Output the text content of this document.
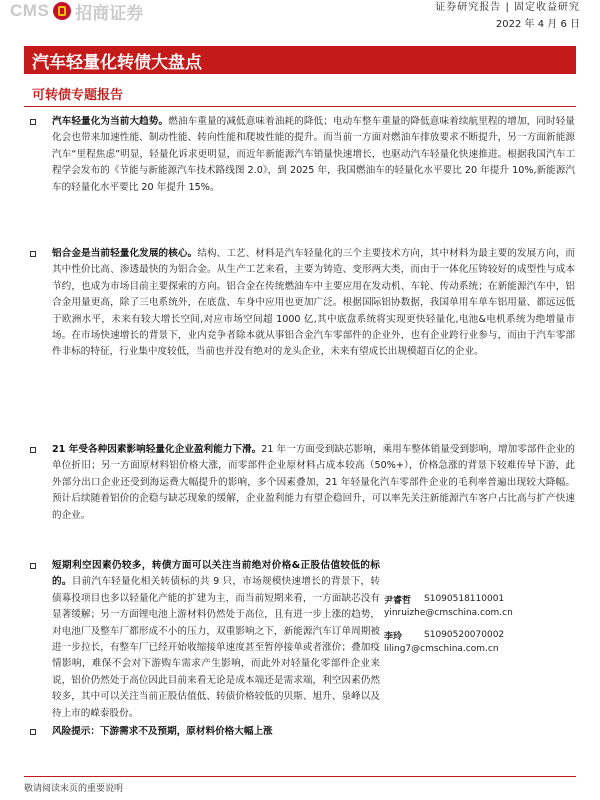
CMS 招商证券	证券研究报告 | 固定收益研究
2022 年 4 月 6 日
汽车轻量化转债大盘点
可转债专题报告
汽车轻量化为当前大趋势。燃油车重量的减低意味着油耗的降低；电动车整车重量的降低意味着续航里程的增加，同时轻量化会也带来加速性能、制动性能、转向性能和爬坡性能的提升。而当前一方面对燃油车排放要求不断提升，另一方面新能源汽车“里程焦虑”明显，轻量化诉求更明显，而近年新能源汽车销量快速增长，也驱动汽车轻量化快速推进。根据我国汽车工程学会发布的《节能与新能源汽车技术路线图 2.0》，到 2025 年，我国燃油车的轻量化水平要比 20 年提升 10%,新能源汽车的轻量化水平要比 20 年提升 15%。
铝合金是当前轻量化发展的核心。结构、工艺、材料是汽车轻量化的三个主要技术方向，其中材料为最主要的发展方向，而其中性价比高、渗透最快的为铝合金。从生产工艺来看，主要为铸造、变形两大类，而由于一体化压铸较好的成型性与成本节约，也成为市场目前主要探索的方向。铝合金在传统燃油车中主要应用在发动机、车轮、传动系统；在新能源汽车中，铝合金用量更高，除了三电系统外，在底盘、车身中应用也更加广泛。根据国际铝协数据，我国单用车单车铝用量、都远远低于欧洲水平，未来有较大增长空间,对应市场空间超 1000 亿,其中底盘系统将实现更快轻量化,电池&电机系统为绝增量市场。在市场快速增长的背景下，业内竞争者除本就从事铝合金汽车零部件的企业外，也有企业跨行业参与，而由于汽车零部件非标的特征，行业集中度较低，当前也并没有绝对的龙头企业，未来有望成长出规模超百亿的企业。
21 年受各种因素影响轻量化企业盈利能力下滑。21 年一方面受到缺芯影响，乘用车整体销量受到影响，增加零部件企业的单位折旧；另一方面原材料铝价格大涨，而零部件企业原材料占成本较高（50%+），价格急涨的背景下较难传导下游，此外部分出口企业还受到海运费大幅提升的影响，多个因素叠加，21 年轻量化汽车零部件企业的毛利率普遍出现较大降幅。预计后续随着铝价的企稳与缺芯现象的缓解，企业盈利能力有望企稳回升，可以率先关注新能源汽车客户占比高与扩产快速的企业。
短期利空因素仍较多，转债方面可以关注当前绝对价格&正股估值较低的标的。目前汽车轻量化相关转债标的共 9 只，市场规模快速增长的背景下，转债募投项目也多以轻量化产能的扩建为主，而当前短期来看，一方面缺芯没有显著缓解；另一方面锂电池上游材料仍然处于高位，且有进一步上涨的趋势，对电池厂及整车厂都形成不小的压力，双重影响之下，新能源汽车订单周期被进一步拉长，有整车厂已经开始收缩接单速度甚至暂停接单或者涨价；叠加疫情影响，难保不会对下游购车需求产生影响，而此外对轻量化零部件企业来说，铝价仍然处于高位因此目前来看无论是成本端还是需求端，利空因素仍然较多，其中可以关注当前正股估值低、转债价格较低的贝斯、旭升、泉峰以及待上市的嵘泰股份。
风险提示：下游需求不及预期，原材料价格大幅上涨
尹睿哲	S1090518110001
yinruizhe@cmschina.com.cn
李玲	S1090520070002
liling7@cmschina.com.cn
敬请阅读末页的重要说明
